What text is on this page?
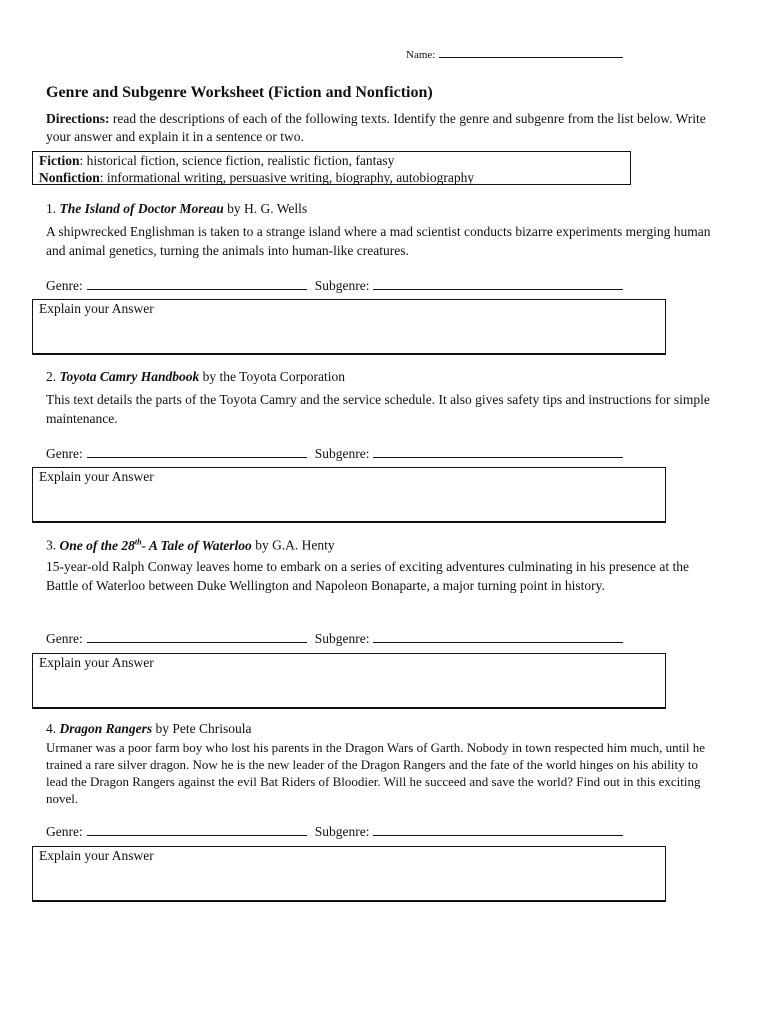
Name:
Genre and Subgenre Worksheet (Fiction and Nonfiction)
Directions: read the descriptions of each of the following texts. Identify the genre and subgenre from the list below. Write your answer and explain it in a sentence or two.
Fiction: historical fiction, science fiction, realistic fiction, fantasy
Nonfiction: informational writing, persuasive writing, biography, autobiography
1. The Island of Doctor Moreau by H. G. Wells
A shipwrecked Englishman is taken to a strange island where a mad scientist conducts bizarre experiments merging human and animal genetics, turning the animals into human-like creatures.
Genre:	Subgenre:
Explain your Answer
2. Toyota Camry Handbook by the Toyota Corporation
This text details the parts of the Toyota Camry and the service schedule. It also gives safety tips and instructions for simple maintenance.
Genre:	Subgenre:
Explain your Answer
3. One of the 28th- A Tale of Waterloo by G.A. Henty
15-year-old Ralph Conway leaves home to embark on a series of exciting adventures culminating in his presence at the Battle of Waterloo between Duke Wellington and Napoleon Bonaparte, a major turning point in history.
Genre:	Subgenre:
Explain your Answer
4. Dragon Rangers by Pete Chrisoula
Urmaner was a poor farm boy who lost his parents in the Dragon Wars of Garth. Nobody in town respected him much, until he trained a rare silver dragon. Now he is the new leader of the Dragon Rangers and the fate of the world hinges on his ability to lead the Dragon Rangers against the evil Bat Riders of Bloodier. Will he succeed and save the world? Find out in this exciting novel.
Genre:	Subgenre:
Explain your Answer
